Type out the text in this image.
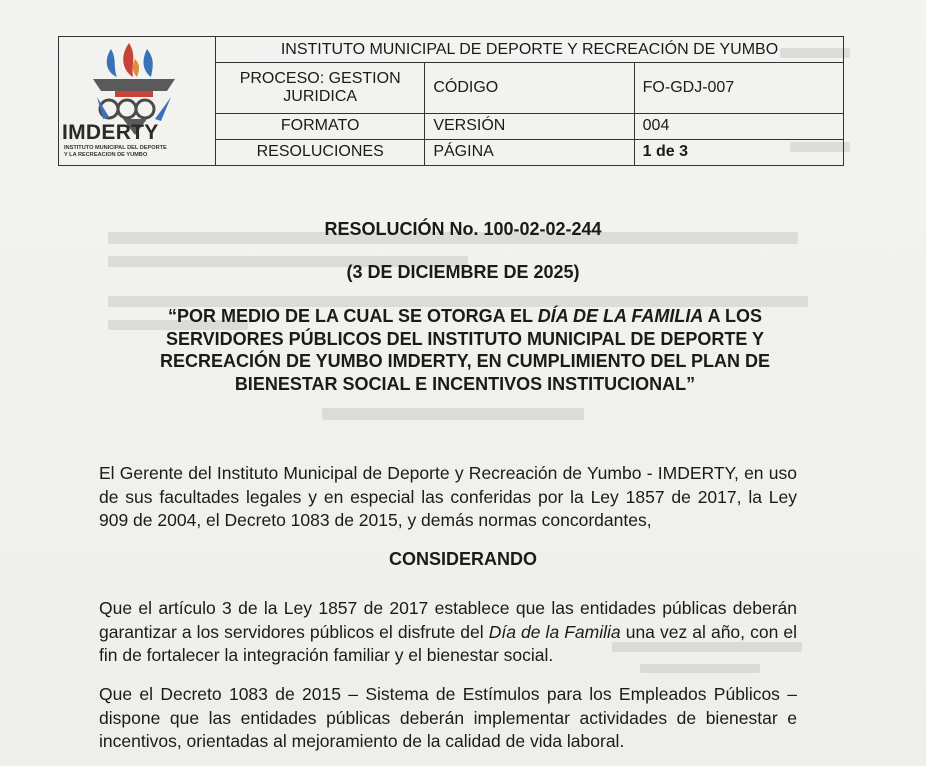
IMDERTY
INSTITUTO MUNICIPAL DEL DEPORTE
Y LA RECREACION DE YUMBO	INSTITUTO MUNICIPAL DE DEPORTE Y RECREACIÓN DE YUMBO		
	PROCESO: GESTION JURIDICA	CÓDIGO	FO-GDJ-007
	FORMATO	VERSIÓN	004
	RESOLUCIONES	PÁGINA	1 de 3
RESOLUCIÓN No. 100-02-02-244
(3 DE DICIEMBRE DE 2025)
“POR MEDIO DE LA CUAL SE OTORGA EL DÍA DE LA FAMILIA A LOS SERVIDORES PÚBLICOS DEL INSTITUTO MUNICIPAL DE DEPORTE Y RECREACIÓN DE YUMBO IMDERTY, EN CUMPLIMIENTO DEL PLAN DE BIENESTAR SOCIAL E INCENTIVOS INSTITUCIONAL”
El Gerente del Instituto Municipal de Deporte y Recreación de Yumbo - IMDERTY, en uso de sus facultades legales y en especial las conferidas por la Ley 1857 de 2017, la Ley 909 de 2004, el Decreto 1083 de 2015, y demás normas concordantes,
CONSIDERANDO
Que el artículo 3 de la Ley 1857 de 2017 establece que las entidades públicas deberán garantizar a los servidores públicos el disfrute del Día de la Familia una vez al año, con el fin de fortalecer la integración familiar y el bienestar social.
Que el Decreto 1083 de 2015 – Sistema de Estímulos para los Empleados Públicos – dispone que las entidades públicas deberán implementar actividades de bienestar e incentivos, orientadas al mejoramiento de la calidad de vida laboral.
